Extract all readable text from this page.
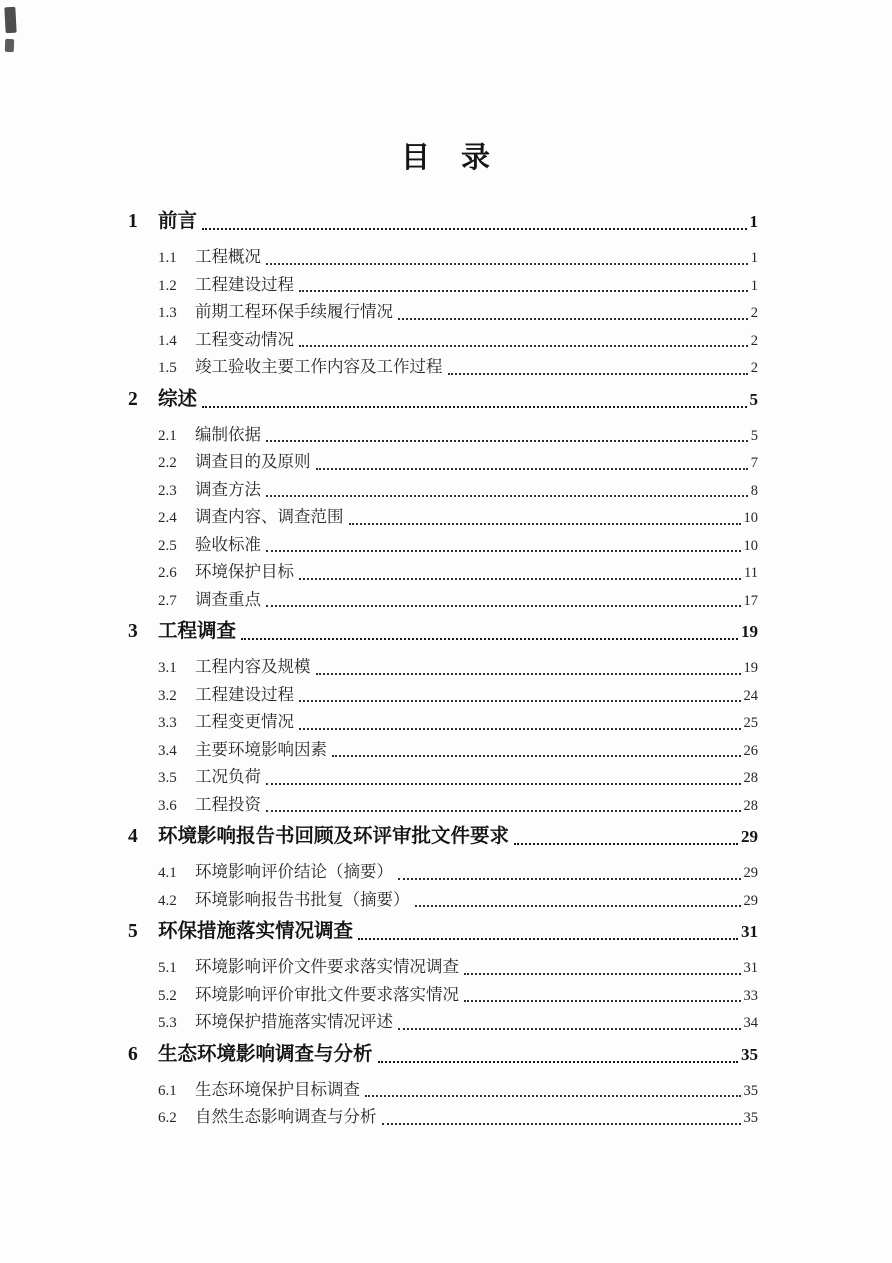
目　录
1	前言	1
1.1	工程概况	1
1.2	工程建设过程	1
1.3	前期工程环保手续履行情况	2
1.4	工程变动情况	2
1.5	竣工验收主要工作内容及工作过程	2
2	综述	5
2.1	编制依据	5
2.2	调查目的及原则	7
2.3	调查方法	8
2.4	调查内容、调查范围	10
2.5	验收标准	10
2.6	环境保护目标	11
2.7	调查重点	17
3	工程调查	19
3.1	工程内容及规模	19
3.2	工程建设过程	24
3.3	工程变更情况	25
3.4	主要环境影响因素	26
3.5	工况负荷	28
3.6	工程投资	28
4	环境影响报告书回顾及环评审批文件要求	29
4.1	环境影响评价结论（摘要）	29
4.2	环境影响报告书批复（摘要）	29
5	环保措施落实情况调查	31
5.1	环境影响评价文件要求落实情况调查	31
5.2	环境影响评价审批文件要求落实情况	33
5.3	环境保护措施落实情况评述	34
6	生态环境影响调查与分析	35
6.1	生态环境保护目标调查	35
6.2	自然生态影响调查与分析	35
